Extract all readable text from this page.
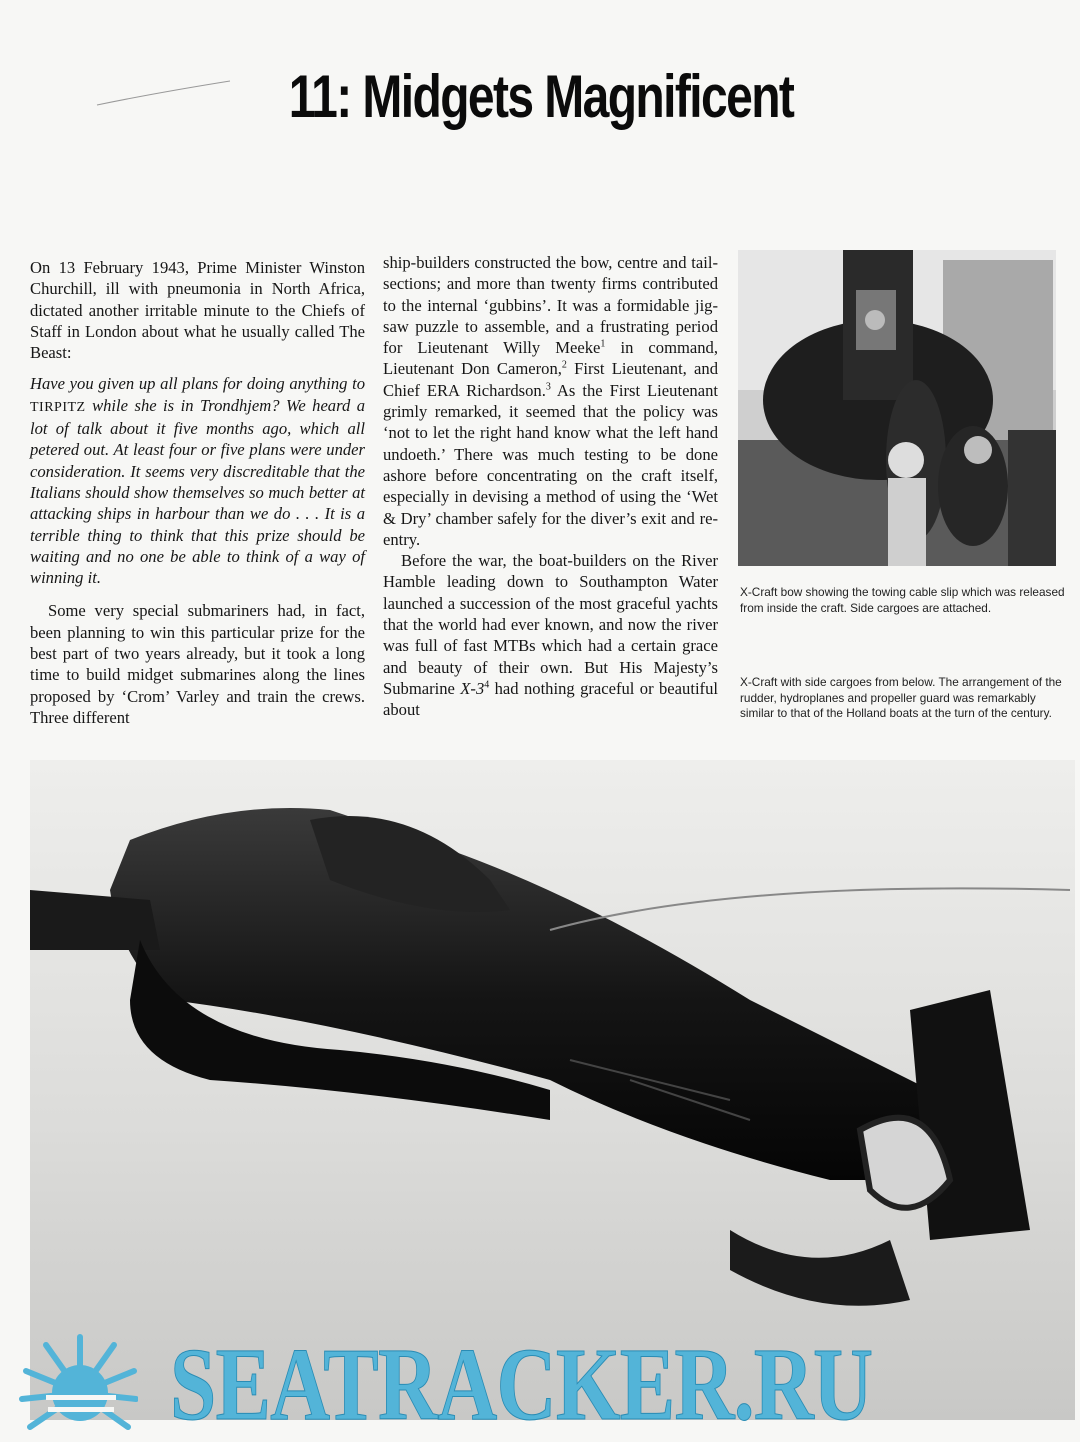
11: Midgets Magnificent

On 13 February 1943, Prime Minister Winston Churchill, ill with pneumonia in North Africa, dictated another irritable minute to the Chiefs of Staff in London about what he usually called The Beast:

Have you given up all plans for doing anything to TIRPITZ while she is in Trondhjem? We heard a lot of talk about it five months ago, which all petered out. At least four or five plans were under consideration. It seems very discreditable that the Italians should show themselves so much better at attacking ships in harbour than we do . . . It is a terrible thing to think that this prize should be waiting and no one be able to think of a way of winning it.

Some very special submariners had, in fact, been planning to win this particular prize for the best part of two years already, but it took a long time to build midget submarines along the lines proposed by ‘Crom’ Varley and train the crews. Three different

ship-builders constructed the bow, centre and tail-sections; and more than twenty firms contributed to the internal ‘gubbins’. It was a formidable jig-saw puzzle to assemble, and a frustrating period for Lieutenant Willy Meeke$^1$ in command, Lieutenant Don Cameron,$^2$ First Lieutenant, and Chief ERA Richardson.$^3$ As the First Lieutenant grimly remarked, it seemed that the policy was ‘not to let the right hand know what the left hand undoeth.’ There was much testing to be done ashore before concentrating on the craft itself, especially in devising a method of using the ‘Wet & Dry’ chamber safely for the diver’s exit and re-entry.

Before the war, the boat-builders on the River Hamble leading down to Southampton Water launched a succession of the most graceful yachts that the world had ever known, and now the river was full of fast MTBs which had a certain grace and beauty of their own. But His Majesty’s Submarine $X-3^4$ had nothing graceful or beautiful about

X-Craft bow showing the towing cable slip which was released from inside the craft. Side cargoes are attached.

X-Craft with side cargoes from below. The arrangement of the rudder, hydroplanes and propeller guard was remarkably similar to that of the Holland boats at the turn of the century.

SEATRACKER.RU
